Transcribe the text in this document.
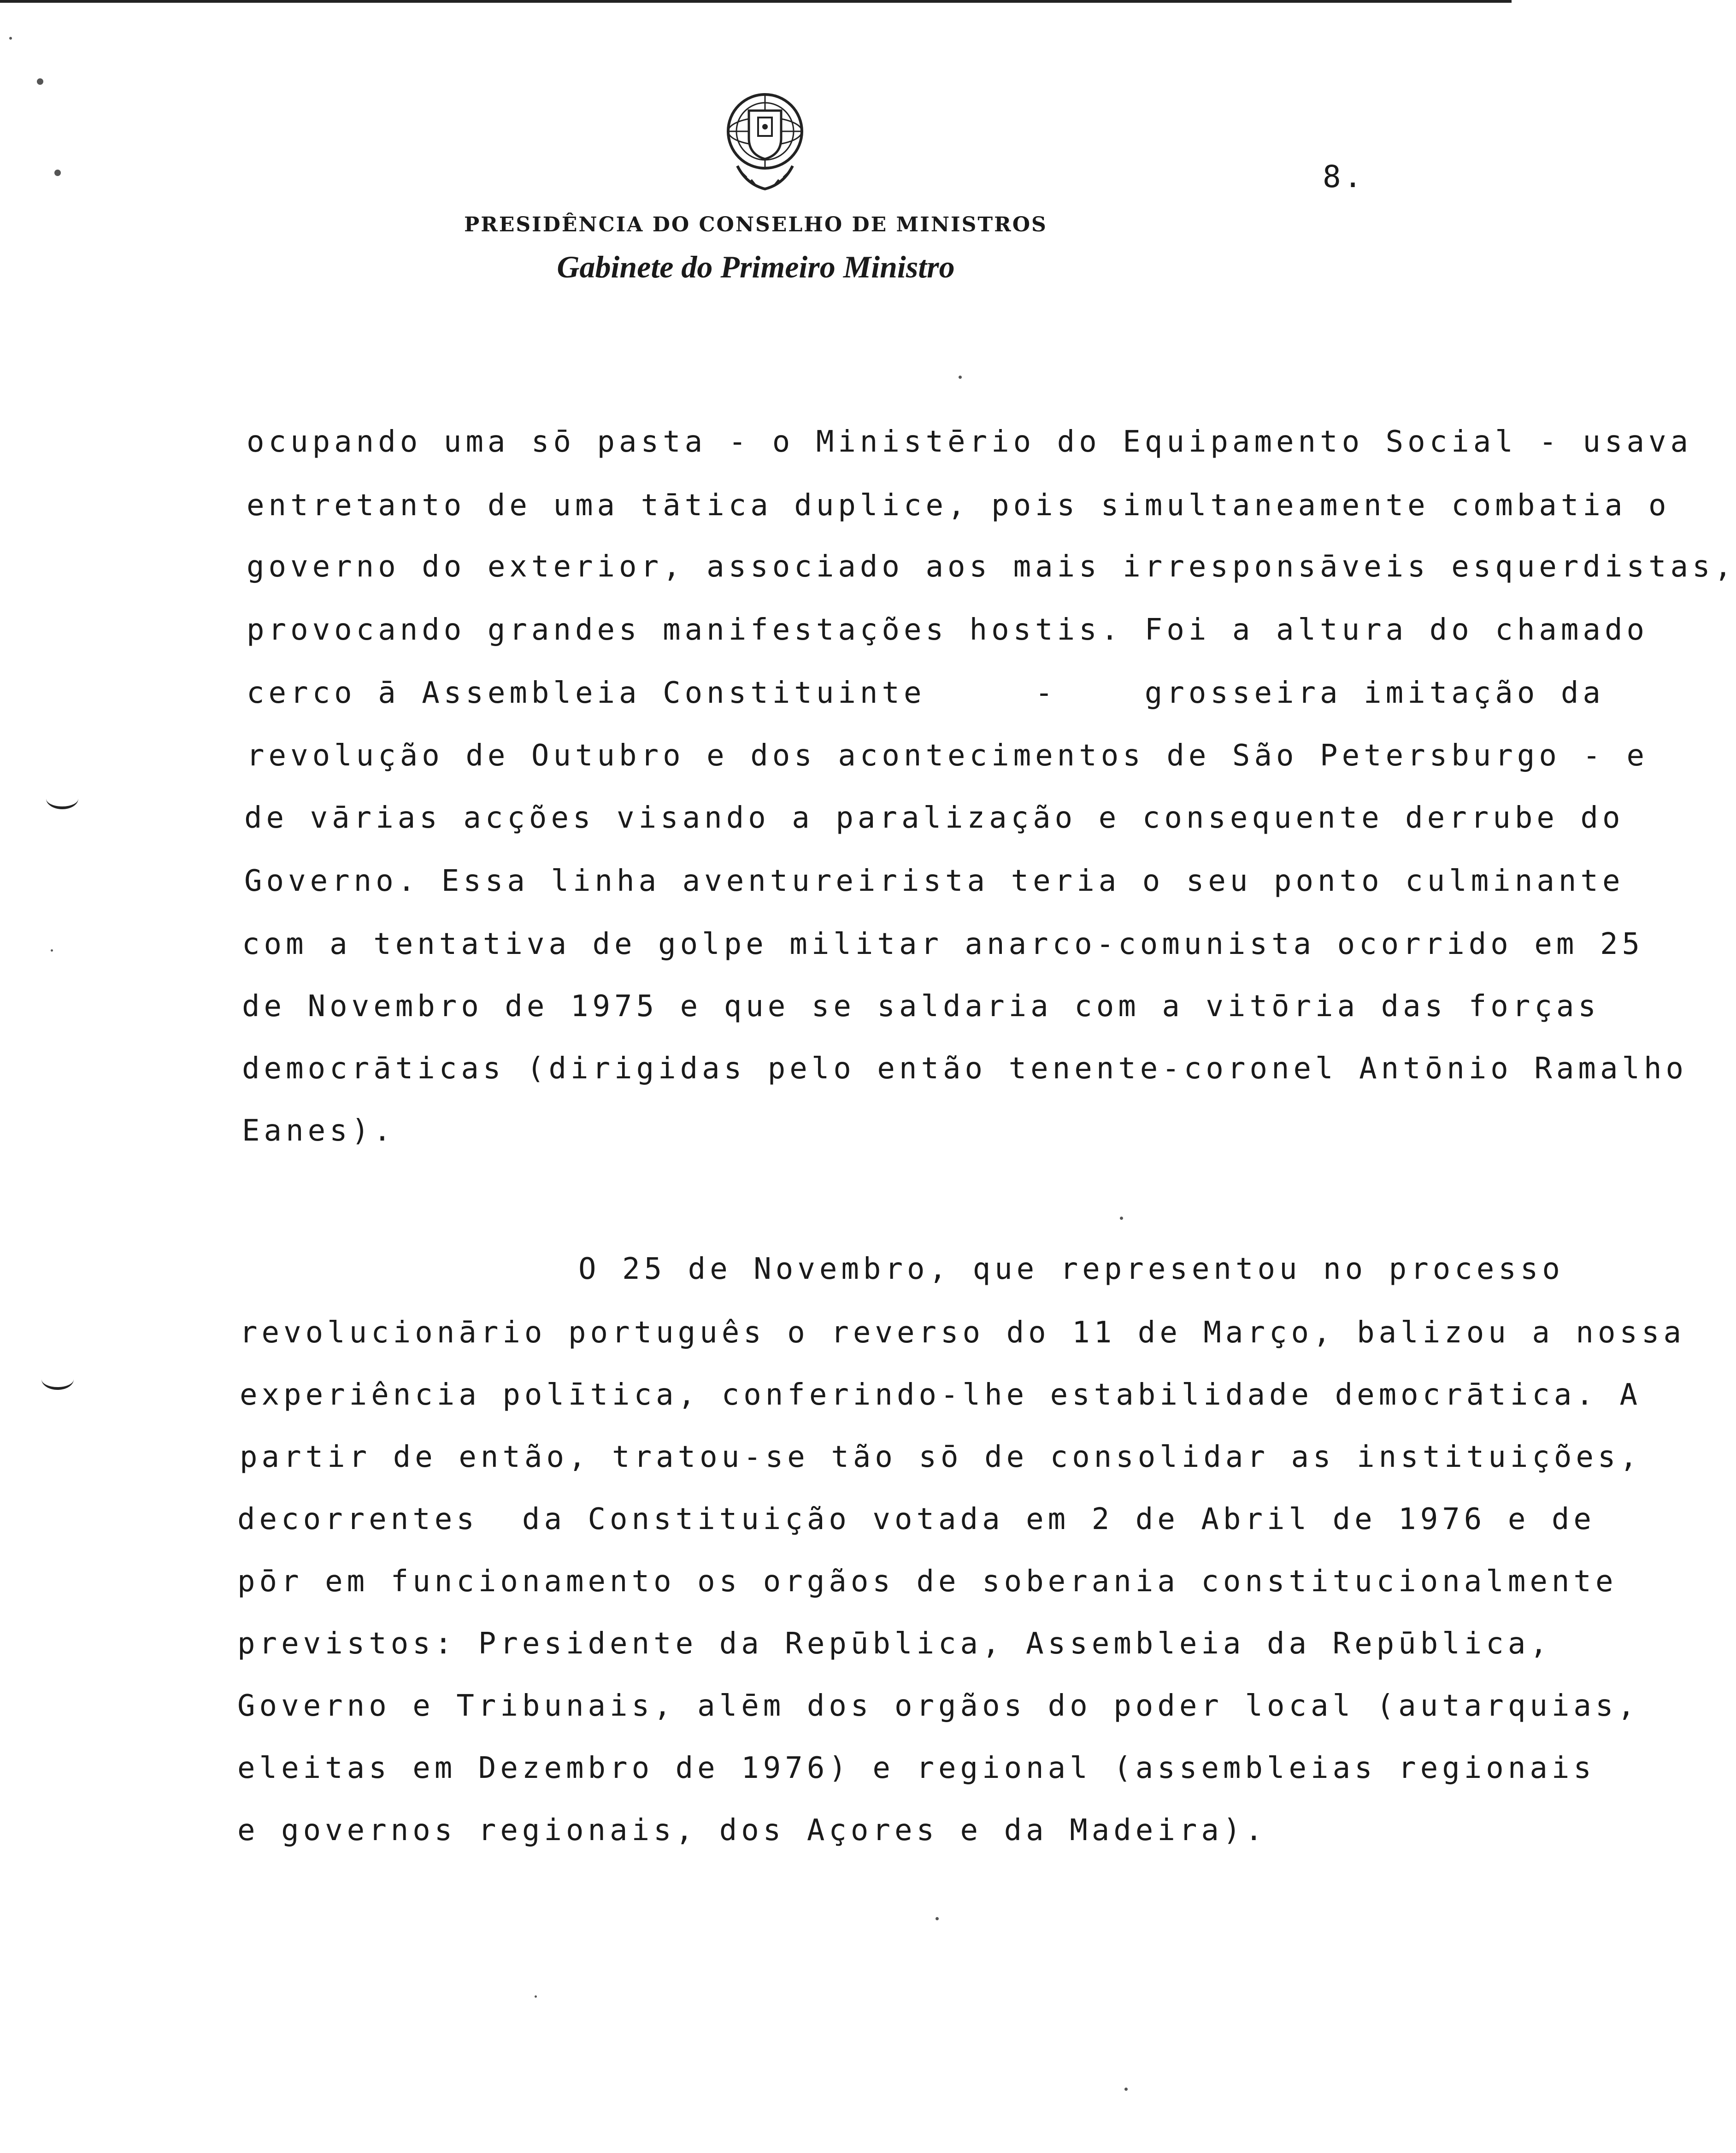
8.
PRESIDÊNCIA DO CONSELHO DE MINISTROS
Gabinete do Primeiro Ministro
ocupando uma sō pasta - o Ministērio do Equipamento Social - usava
entretanto de uma tātica duplice, pois simultaneamente combatia o
governo do exterior, associado aos mais irresponsāveis esquerdistas,
provocando grandes manifestações hostis. Foi a altura do chamado
cerco ā Assembleia Constituinte     -    grosseira imitação da
revolução de Outubro e dos acontecimentos de São Petersburgo - e
de vārias acções visando a paralização e consequente derrube do
Governo. Essa linha aventureirista teria o seu ponto culminante
com a tentativa de golpe militar anarco-comunista ocorrido em 25
de Novembro de 1975 e que se saldaria com a vitōria das forças
democrāticas (dirigidas pelo então tenente-coronel Antōnio Ramalho
Eanes).
O 25 de Novembro, que representou no processo
revolucionārio português o reverso do 11 de Março, balizou a nossa
experiência polītica, conferindo-lhe estabilidade democrātica. A
partir de então, tratou-se tão sō de consolidar as instituições,
decorrentes  da Constituição votada em 2 de Abril de 1976 e de
pōr em funcionamento os orgãos de soberania constitucionalmente
previstos: Presidente da Repūblica, Assembleia da Repūblica,
Governo e Tribunais, alēm dos orgãos do poder local (autarquias,
eleitas em Dezembro de 1976) e regional (assembleias regionais
e governos regionais, dos Açores e da Madeira).
